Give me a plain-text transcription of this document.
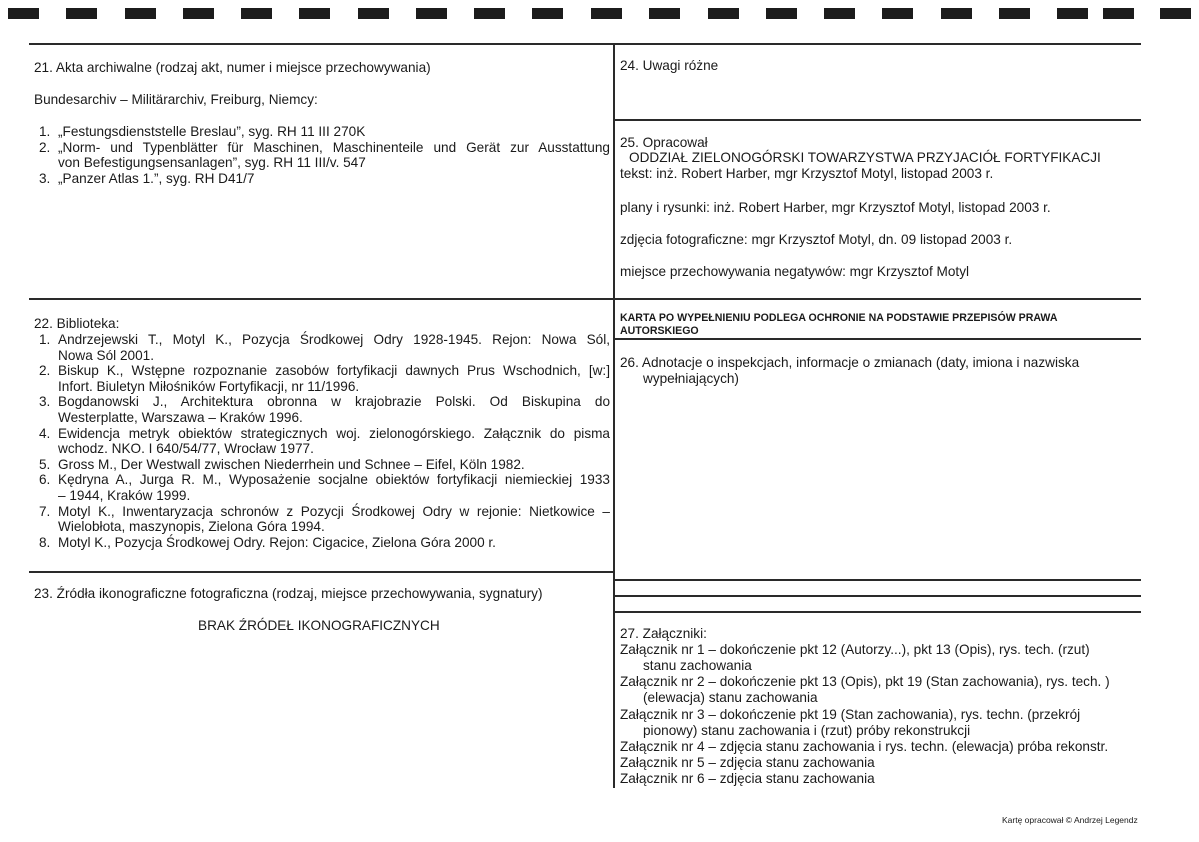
21. Akta archiwalne (rodzaj akt, numer i miejsce przechowywania)
Bundesarchiv – Militärarchiv, Freiburg, Niemcy:
1. „Festungsdienststelle Breslau”, syg. RH 11 III 270K
2. „Norm- und Typenblätter für Maschinen, Maschinenteile und Gerät zur Ausstattung
von Befestigungsensanlagen”, syg. RH 11 III/v. 547
3. „Panzer Atlas 1.”, syg. RH D41/7
22. Biblioteka:
1. Andrzejewski T., Motyl K., Pozycja Środkowej Odry 1928-1945. Rejon: Nowa Sól,
Nowa Sól 2001.
2. Biskup K., Wstępne rozpoznanie zasobów fortyfikacji dawnych Prus Wschodnich, [w:]
Infort. Biuletyn Miłośników Fortyfikacji, nr 11/1996.
3. Bogdanowski J., Architektura obronna w krajobrazie Polski. Od Biskupina do
Westerplatte, Warszawa – Kraków 1996.
4. Ewidencja metryk obiektów strategicznych woj. zielonogórskiego. Załącznik do pisma
wchodz. NKO. I 640/54/77, Wrocław 1977.
5. Gross M., Der Westwall zwischen Niederrhein und Schnee – Eifel, Köln 1982.
6. Kędryna A., Jurga R. M., Wyposażenie socjalne obiektów fortyfikacji niemieckiej 1933
– 1944, Kraków 1999.
7. Motyl K., Inwentaryzacja schronów z Pozycji Środkowej Odry w rejonie: Nietkowice –
Wielobłota, maszynopis, Zielona Góra 1994.
8. Motyl K., Pozycja Środkowej Odry. Rejon: Cigacice, Zielona Góra 2000 r.
23. Źródła ikonograficzne fotograficzna (rodzaj, miejsce przechowywania, sygnatury)
BRAK ŹRÓDEŁ IKONOGRAFICZNYCH
24. Uwagi różne
25. Opracował
ODDZIAŁ ZIELONOGÓRSKI TOWARZYSTWA PRZYJACIÓŁ FORTYFIKACJI
tekst: inż. Robert Harber, mgr Krzysztof Motyl, listopad 2003 r.
plany i rysunki: inż. Robert Harber, mgr Krzysztof Motyl, listopad 2003 r.
zdjęcia fotograficzne: mgr Krzysztof Motyl, dn. 09 listopad 2003 r.
miejsce przechowywania negatywów: mgr Krzysztof Motyl
KARTA PO WYPEŁNIENIU PODLEGA OCHRONIE NA PODSTAWIE PRZEPISÓW PRAWA
AUTORSKIEGO
26. Adnotacje o inspekcjach, informacje o zmianach (daty, imiona i nazwiska
wypełniających)
27. Załączniki:
Załącznik nr 1 – dokończenie pkt 12 (Autorzy...), pkt 13 (Opis), rys. tech. (rzut)
stanu zachowania
Załącznik nr 2 – dokończenie pkt 13 (Opis), pkt 19 (Stan zachowania), rys. tech. )
(elewacja) stanu zachowania
Załącznik nr 3 – dokończenie pkt 19 (Stan zachowania), rys. techn. (przekrój
pionowy) stanu zachowania i (rzut) próby rekonstrukcji
Załącznik nr 4 – zdjęcia stanu zachowania i rys. techn. (elewacja) próba rekonstr.
Załącznik nr 5 – zdjęcia stanu zachowania
Załącznik nr 6 – zdjęcia stanu zachowania
Kartę opracował © Andrzej Legendz
